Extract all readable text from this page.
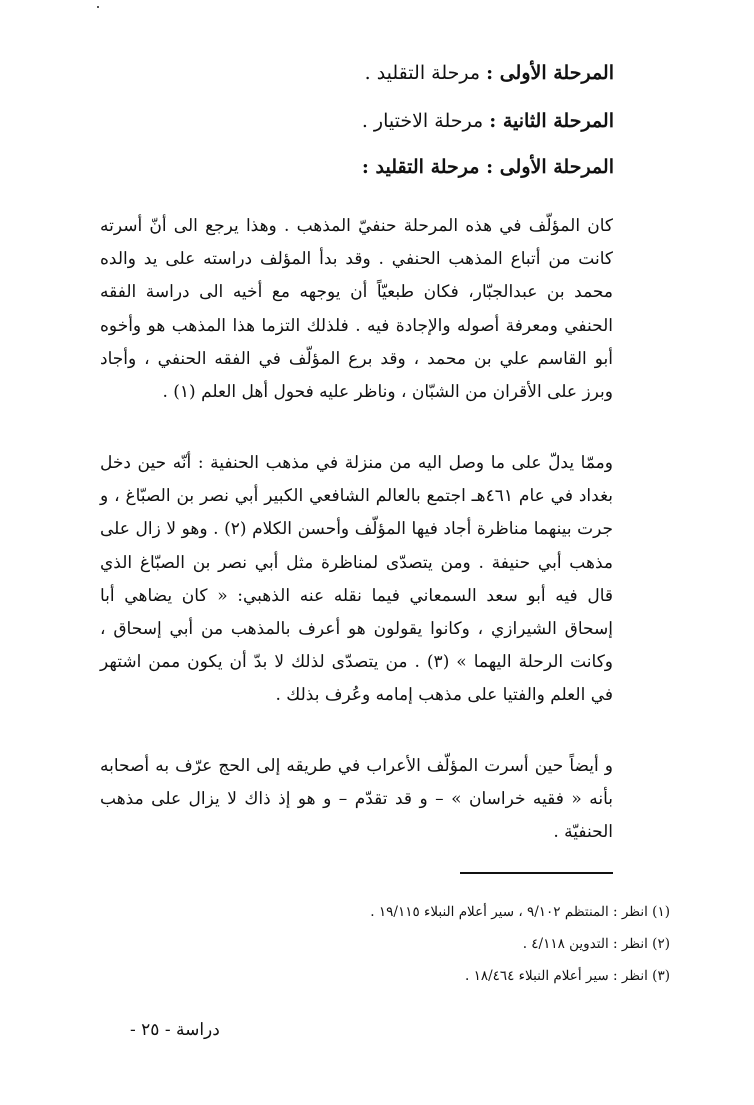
المرحلة الأولى : مرحلة التقليد .
المرحلة الثانية : مرحلة الاختيار .
المرحلة الأولى : مرحلة التقليد :

كان المؤلّف في هذه المرحلة حنفيّ المذهب . وهذا يرجع الى أنّ أسرته كانت من أتباع المذهب الحنفي . وقد بدأ المؤلف دراسته على يد والده محمد بن عبدالجبّار، فكان طبعيّاً أن يوجهه مع أخيه الى دراسة الفقه الحنفي ومعرفة أصوله والإجادة فيه . فلذلك التزما هذا المذهب هو وأخوه أبو القاسم علي بن محمد ، وقد برع المؤلّف في الفقه الحنفي ، وأجاد وبرز على الأقران من الشبّان ، وناظر عليه فحول أهل العلم (١) .

وممّا يدلّ على ما وصل اليه من منزلة في مذهب الحنفية : أنّه حين دخل بغداد في عام ٤٦١هـ اجتمع بالعالم الشافعي الكبير أبي نصر بن الصبّاغ ، و جرت بينهما مناظرة أجاد فيها المؤلّف وأحسن الكلام (٢) . وهو لا زال على مذهب أبي حنيفة . ومن يتصدّى لمناظرة مثل أبي نصر بن الصبّاغ الذي قال فيه أبو سعد السمعاني فيما نقله عنه الذهبي: « كان يضاهي أبا إسحاق الشيرازي ، وكانوا يقولون هو أعرف بالمذهب من أبي إسحاق ، وكانت الرحلة اليهما » (٣) . من يتصدّى لذلك لا بدّ أن يكون ممن اشتهر في العلم والفتيا على مذهب إمامه وعُرف بذلك .

و أيضاً حين أسرت المؤلّف الأعراب في طريقه إلى الحج عرّف به أصحابه بأنه « فقيه خراسان » – و قد تقدّم – و هو إذ ذاك لا يزال على مذهب الحنفيّة .

(١) انظر : المنتظم ٩/١٠٢ ، سير أعلام النبلاء ١٩/١١٥ .
(٢) انظر : التدوين ٤/١١٨ .
(٣) انظر : سير أعلام النبلاء ١٨/٤٦٤ .
دراسة - ٢٥ -
